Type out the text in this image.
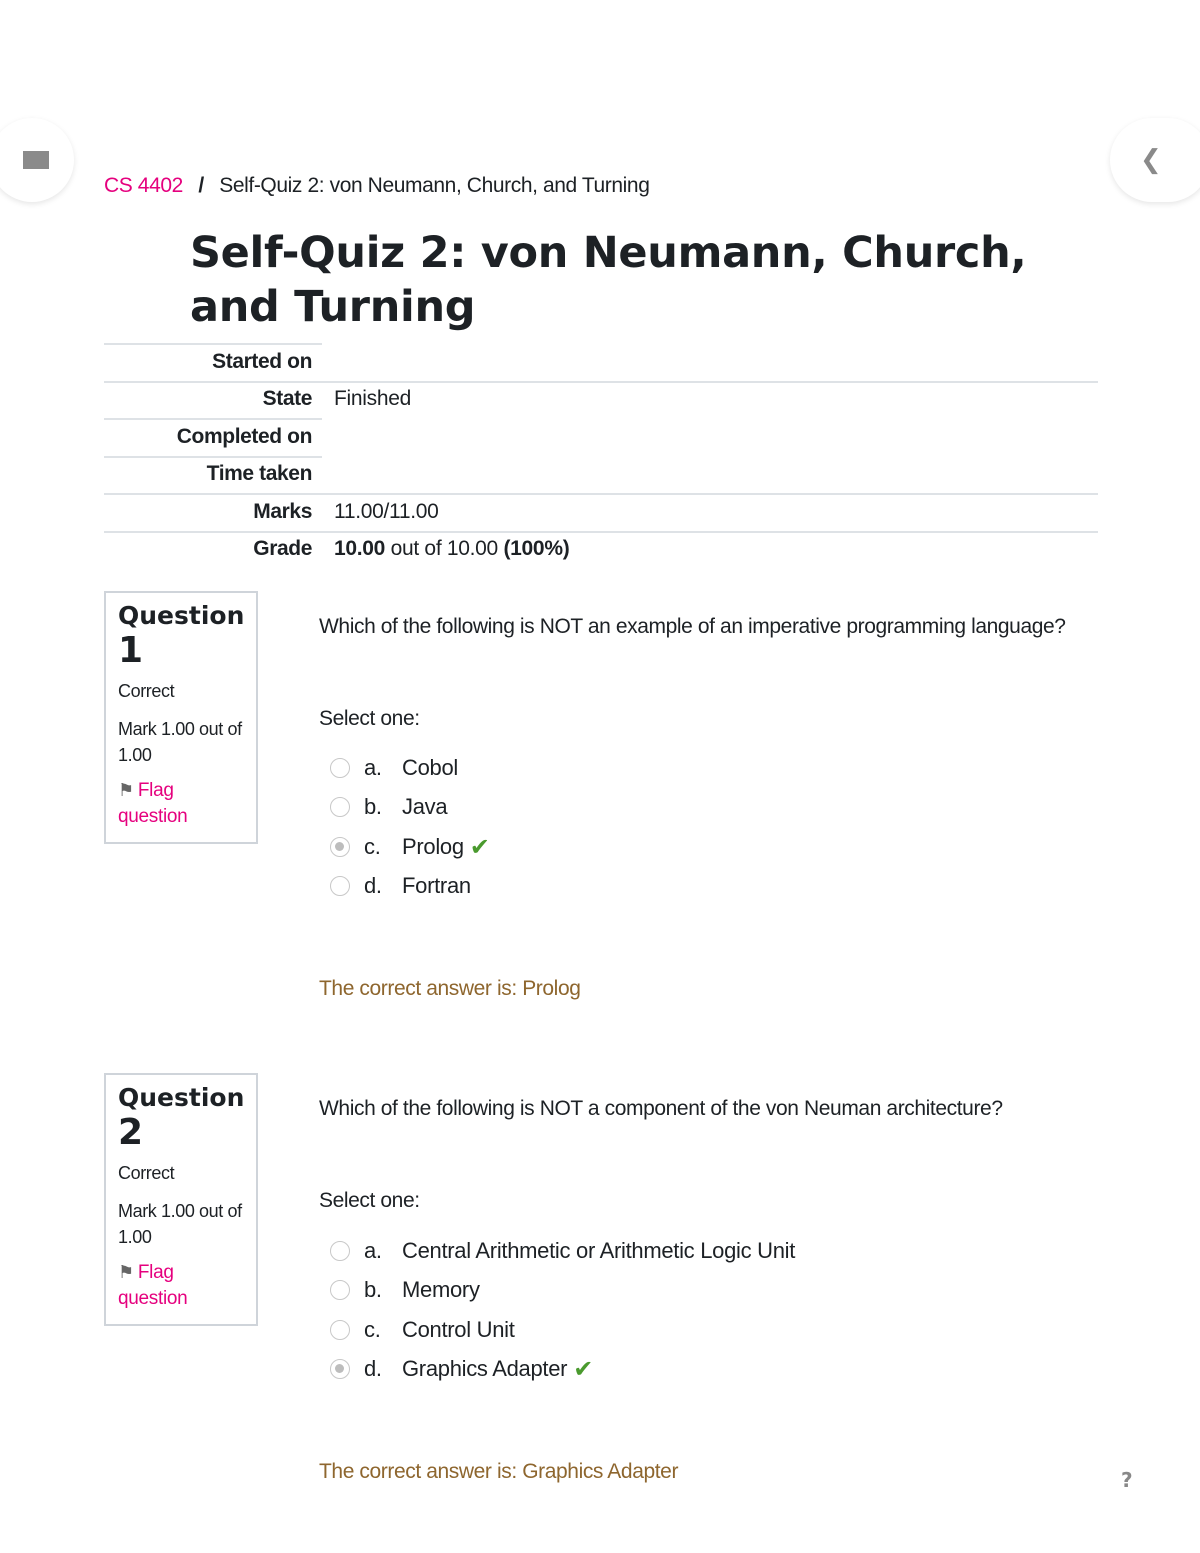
❮
CS 4402 / Self-Quiz 2: von Neumann, Church, and Turning
Self-Quiz 2: von Neumann, Church, and Turning
Started on
State Finished
Completed on
Time taken
Marks 11.00/11.00
Grade 10.00 out of 10.00 (100%)
Question
1
Correct
Mark 1.00 out of 1.00
⚑ Flag question
Which of the following is NOT an example of an imperative programming language?
Select one:
a. Cobol
b. Java
c. Prolog ✔
d. Fortran
The correct answer is: Prolog
Question
2
Correct
Mark 1.00 out of 1.00
⚑ Flag question
Which of the following is NOT a component of the von Neuman architecture?
Select one:
a. Central Arithmetic or Arithmetic Logic Unit
b. Memory
c. Control Unit
d. Graphics Adapter ✔
The correct answer is: Graphics Adapter	?
